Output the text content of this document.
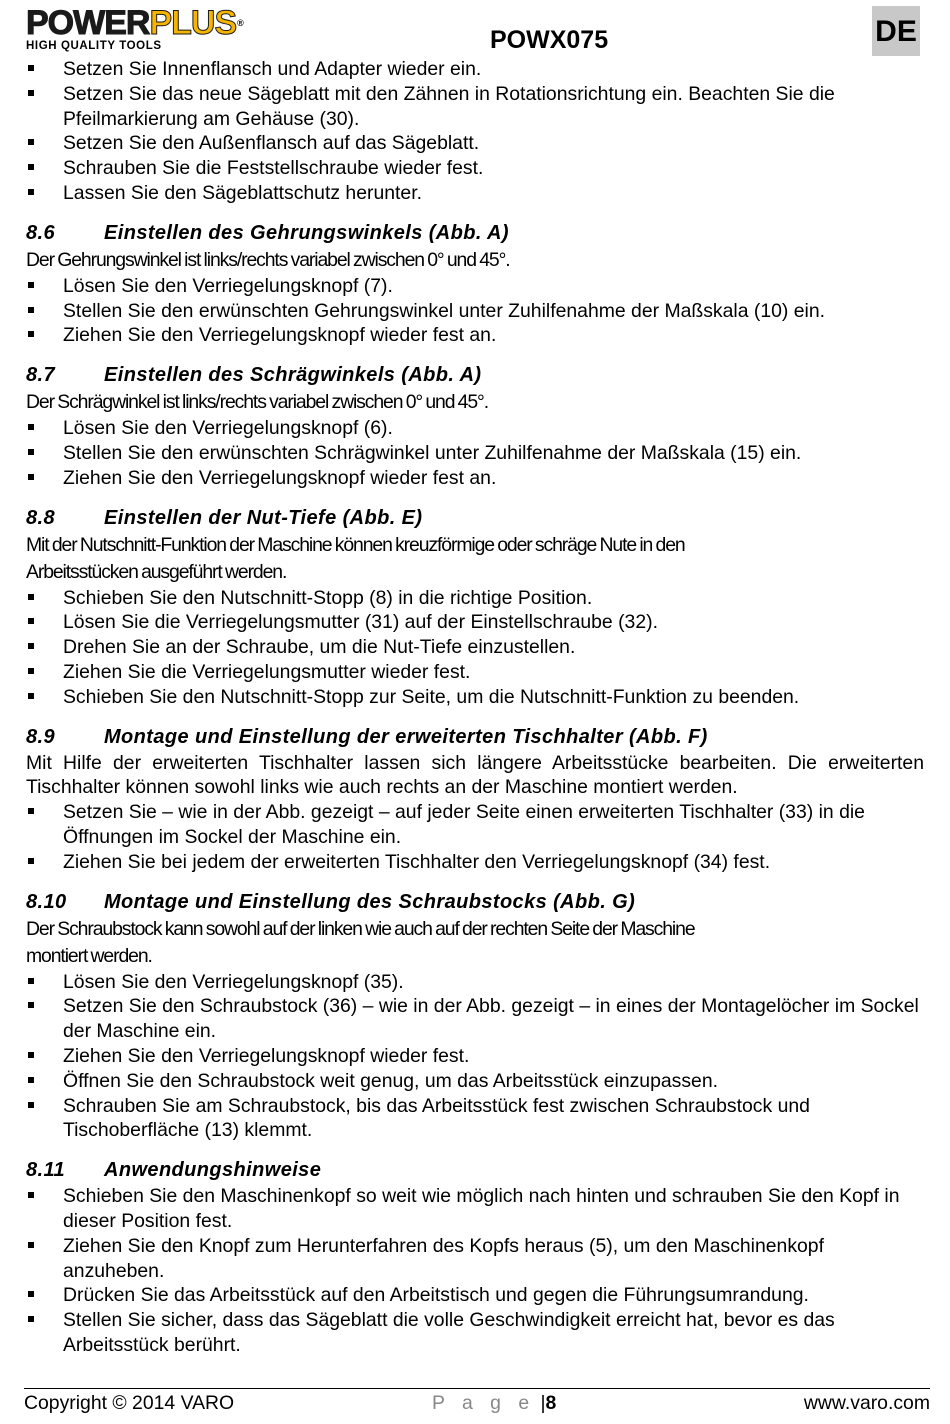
POWERPLUS®
HIGH QUALITY TOOLS	POWX075	DE
Setzen Sie Innenflansch und Adapter wieder ein.
Setzen Sie das neue Sägeblatt mit den Zähnen in Rotationsrichtung ein. Beachten Sie die Pfeilmarkierung am Gehäuse (30).
Setzen Sie den Außenflansch auf das Sägeblatt.
Schrauben Sie die Feststellschraube wieder fest.
Lassen Sie den Sägeblattschutz herunter.
8.6 Einstellen des Gehrungswinkels (Abb. A)

Der Gehrungswinkel ist links/rechts variabel zwischen 0° und 45°.

Lösen Sie den Verriegelungsknopf (7).
Stellen Sie den erwünschten Gehrungswinkel unter Zuhilfenahme der Maßskala (10) ein.
Ziehen Sie den Verriegelungsknopf wieder fest an.
8.7 Einstellen des Schrägwinkels (Abb. A)

Der Schrägwinkel ist links/rechts variabel zwischen 0° und 45°.

Lösen Sie den Verriegelungsknopf (6).
Stellen Sie den erwünschten Schrägwinkel unter Zuhilfenahme der Maßskala (15) ein.
Ziehen Sie den Verriegelungsknopf wieder fest an.
8.8 Einstellen der Nut-Tiefe (Abb. E)

Mit der Nutschnitt-Funktion der Maschine können kreuzförmige oder schräge Nute in den

Arbeitsstücken ausgeführt werden.

Schieben Sie den Nutschnitt-Stopp (8) in die richtige Position.
Lösen Sie die Verriegelungsmutter (31) auf der Einstellschraube (32).
Drehen Sie an der Schraube, um die Nut-Tiefe einzustellen.
Ziehen Sie die Verriegelungsmutter wieder fest.
Schieben Sie den Nutschnitt-Stopp zur Seite, um die Nutschnitt-Funktion zu beenden.
8.9 Montage und Einstellung der erweiterten Tischhalter (Abb. F)

Mit Hilfe der erweiterten Tischhalter lassen sich längere Arbeitsstücke bearbeiten. Die erweiterten Tischhalter können sowohl links wie auch rechts an der Maschine montiert werden.

Setzen Sie – wie in der Abb. gezeigt – auf jeder Seite einen erweiterten Tischhalter (33) in die Öffnungen im Sockel der Maschine ein.
Ziehen Sie bei jedem der erweiterten Tischhalter den Verriegelungsknopf (34) fest.
8.10 Montage und Einstellung des Schraubstocks (Abb. G)

Der Schraubstock kann sowohl auf der linken wie auch auf der rechten Seite der Maschine

montiert werden.

Lösen Sie den Verriegelungsknopf (35).
Setzen Sie den Schraubstock (36) – wie in der Abb. gezeigt – in eines der Montagelöcher im Sockel der Maschine ein.
Ziehen Sie den Verriegelungsknopf wieder fest.
Öffnen Sie den Schraubstock weit genug, um das Arbeitsstück einzupassen.
Schrauben Sie am Schraubstock, bis das Arbeitsstück fest zwischen Schraubstock und Tischoberfläche (13) klemmt.
8.11 Anwendungshinweise
Schieben Sie den Maschinenkopf so weit wie möglich nach hinten und schrauben Sie den Kopf in dieser Position fest.
Ziehen Sie den Knopf zum Herunterfahren des Kopfs heraus (5), um den Maschinenkopf anzuheben.
Drücken Sie das Arbeitsstück auf den Arbeitstisch und gegen die Führungsumrandung.
Stellen Sie sicher, dass das Sägeblatt die volle Geschwindigkeit erreicht hat, bevor es das Arbeitsstück berührt.
Copyright © 2014 VARO	P a g e |8	www.varo.com
